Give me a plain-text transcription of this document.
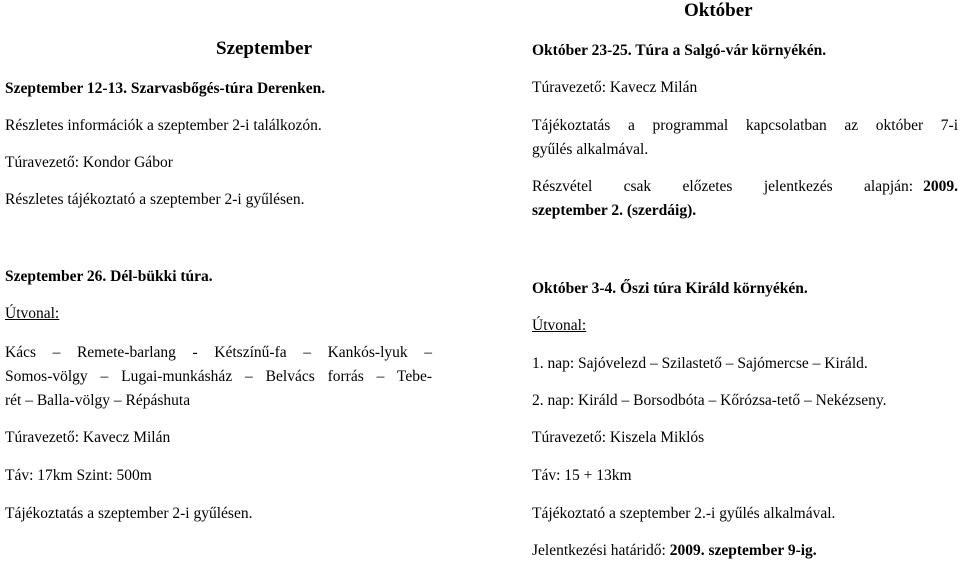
Szeptember
Szeptember 12-13. Szarvasbőgés-túra Derenken.
Részletes információk a szeptember 2-i találkozón.
Túravezető: Kondor Gábor
Részletes tájékoztató a szeptember 2-i gyűlésen.
Október
Október 23-25. Túra a Salgó-vár környékén.
Túravezető: Kavecz Milán
Tájékoztatás a programmal kapcsolatban az október 7-i
gyűlés alkalmával.
Részvétel csak előzetes jelentkezés alapján: 2009.
szeptember 2. (szerdáig).
Szeptember 26. Dél-bükki túra.
Útvonal:
Kács – Remete-barlang - Kétszínű-fa – Kankós-lyuk –
Somos-völgy – Lugai-munkásház – Belvács forrás – Tebe-
rét – Balla-völgy – Répáshuta
Túravezető: Kavecz Milán
Táv: 17km Szint: 500m
Tájékoztatás a szeptember 2-i gyűlésen.
Október 3-4. Őszi túra Királd környékén.
Útvonal:
1. nap: Sajóvelezd – Szilastető – Sajómercse – Királd.
2. nap: Királd – Borsodbóta – Kőrózsa-tető – Nekézseny.
Túravezető: Kiszela Miklós
Táv: 15 + 13km
Tájékoztató a szeptember 2.-i gyűlés alkalmával.
Jelentkezési határidő: 2009. szeptember 9-ig.
